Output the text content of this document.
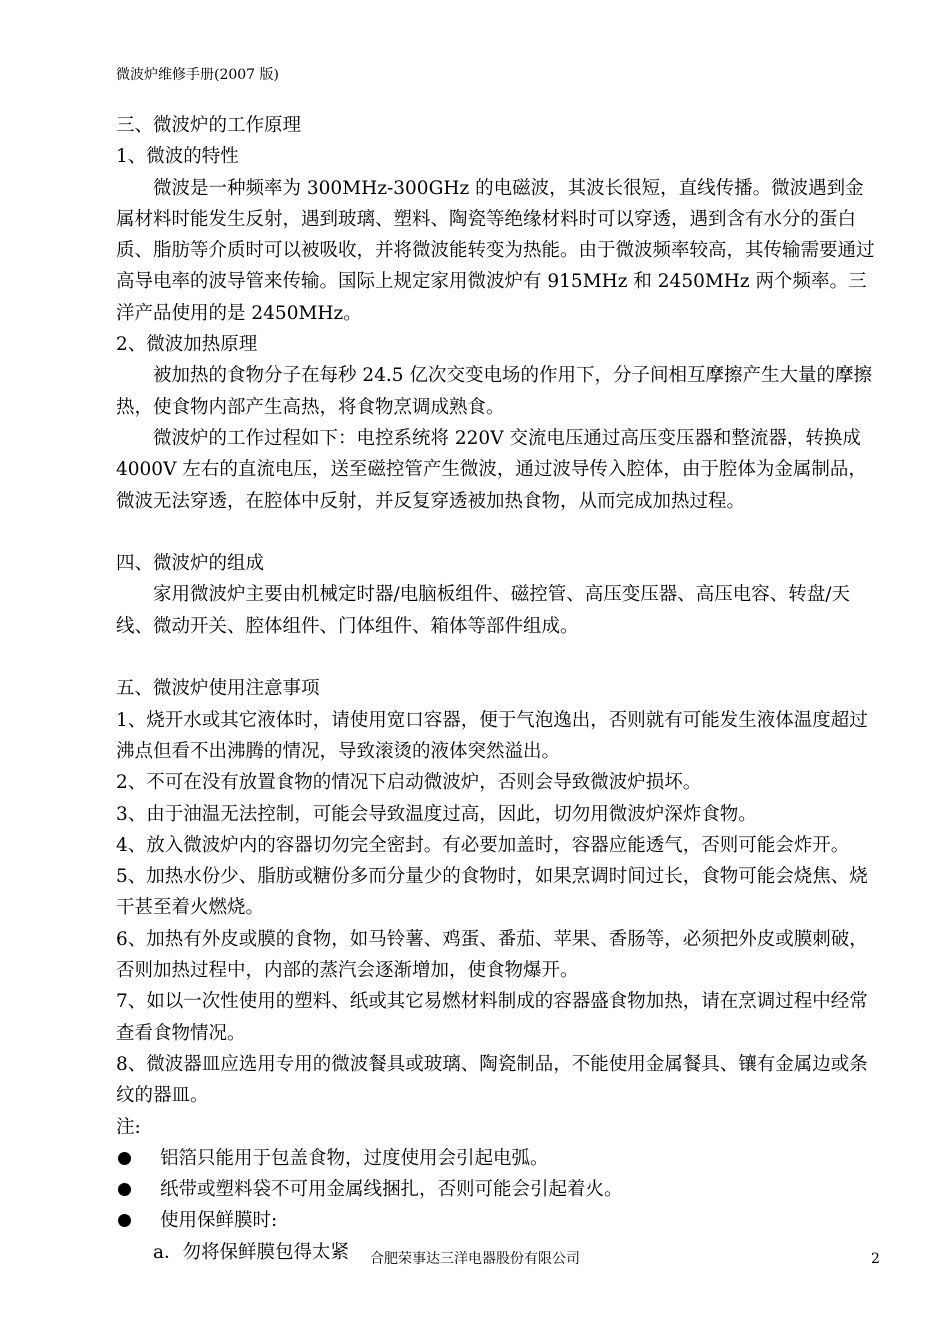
微波炉维修手册(2007 版)

三、微波炉的工作原理

1、微波的特性

微波是一种频率为 300MHz-300GHz 的电磁波，其波长很短，直线传播。微波遇到金属材料时能发生反射，遇到玻璃、塑料、陶瓷等绝缘材料时可以穿透，遇到含有水分的蛋白质、脂肪等介质时可以被吸收，并将微波能转变为热能。由于微波频率较高，其传输需要通过高导电率的波导管来传输。国际上规定家用微波炉有 915MHz 和 2450MHz 两个频率。三洋产品使用的是 2450MHz。

2、微波加热原理

被加热的食物分子在每秒 24.5 亿次交变电场的作用下，分子间相互摩擦产生大量的摩擦热，使食物内部产生高热，将食物烹调成熟食。

微波炉的工作过程如下：电控系统将 220V 交流电压通过高压变压器和整流器，转换成 4000V 左右的直流电压，送至磁控管产生微波，通过波导传入腔体，由于腔体为金属制品，微波无法穿透，在腔体中反射，并反复穿透被加热食物，从而完成加热过程。

四、微波炉的组成

家用微波炉主要由机械定时器/电脑板组件、磁控管、高压变压器、高压电容、转盘/天线、微动开关、腔体组件、门体组件、箱体等部件组成。

五、微波炉使用注意事项

1、烧开水或其它液体时，请使用宽口容器，便于气泡逸出，否则就有可能发生液体温度超过沸点但看不出沸腾的情况，导致滚烫的液体突然溢出。

2、不可在没有放置食物的情况下启动微波炉，否则会导致微波炉损坏。

3、由于油温无法控制，可能会导致温度过高，因此，切勿用微波炉深炸食物。

4、放入微波炉内的容器切勿完全密封。有必要加盖时，容器应能透气，否则可能会炸开。

5、加热水份少、脂肪或糖份多而分量少的食物时，如果烹调时间过长，食物可能会烧焦、烧干甚至着火燃烧。

6、加热有外皮或膜的食物，如马铃薯、鸡蛋、番茄、苹果、香肠等，必须把外皮或膜刺破，否则加热过程中，内部的蒸汽会逐渐增加，使食物爆开。

7、如以一次性使用的塑料、纸或其它易燃材料制成的容器盛食物加热，请在烹调过程中经常查看食物情况。

8、微波器皿应选用专用的微波餐具或玻璃、陶瓷制品，不能使用金属餐具、镶有金属边或条纹的器皿。

注:

铝箔只能用于包盖食物，过度使用会引起电弧。

纸带或塑料袋不可用金属线捆扎，否则可能会引起着火。

使用保鲜膜时:

a．勿将保鲜膜包得太紧	合肥荣事达三洋电器股份有限公司	2
